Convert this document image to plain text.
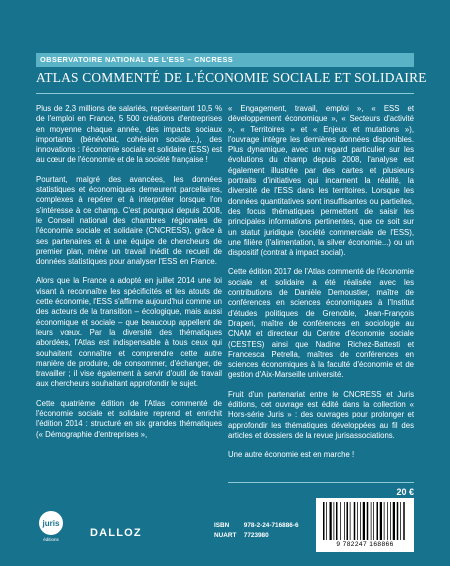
OBSERVATOIRE NATIONAL DE L'ESS – CNCRESS
ATLAS COMMENTÉ DE L'ÉCONOMIE SOCIALE ET SOLIDAIRE

Plus de 2,3 millions de salariés, représentant 10,5 % de l'emploi en France, 5 500 créations d'entreprises en moyenne chaque année, des impacts sociaux importants (bénévolat, cohésion sociale...), des innovations : l'économie sociale et solidaire (ESS) est au cœur de l'économie et de la société française !

Pourtant, malgré des avancées, les données statistiques et économiques demeurent parcellaires, complexes à repérer et à interpréter lorsque l'on s'intéresse à ce champ. C'est pourquoi depuis 2008, le Conseil national des chambres régionales de l'économie sociale et solidaire (CNCRESS), grâce à ses partenaires et à une équipe de chercheurs de premier plan, mène un travail inédit de recueil de données statistiques pour analyser l'ESS en France.

Alors que la France a adopté en juillet 2014 une loi visant à reconnaître les spécificités et les atouts de cette économie, l'ESS s'affirme aujourd'hui comme un des acteurs de la transition – écologique, mais aussi économique et sociale – que beaucoup appellent de leurs vœux. Par la diversité des thématiques abordées, l'Atlas est indispensable à tous ceux qui souhaitent connaître et comprendre cette autre manière de produire, de consommer, d'échanger, de travailler ; il vise également à servir d'outil de travail aux chercheurs souhaitant approfondir le sujet.

Cette quatrième édition de l'Atlas commenté de l'économie sociale et solidaire reprend et enrichit l'édition 2014 : structuré en six grandes thématiques (« Démographie d'entreprises »,

« Engagement, travail, emploi », « ESS et développement économique », « Secteurs d'activité », « Territoires » et « Enjeux et mutations »), l'ouvrage intègre les dernières données disponibles. Plus dynamique, avec un regard particulier sur les évolutions du champ depuis 2008, l'analyse est également illustrée par des cartes et plusieurs portraits d'initiatives qui incarnent la réalité, la diversité de l'ESS dans les territoires. Lorsque les données quantitatives sont insuffisantes ou partielles, des focus thématiques permettent de saisir les principales informations pertinentes, que ce soit sur un statut juridique (société commerciale de l'ESS), une filière (l'alimentation, la silver économie...) ou un dispositif (contrat à impact social).

Cette édition 2017 de l'Atlas commenté de l'économie sociale et solidaire a été réalisée avec les contributions de Danièle Demoustier, maître de conférences en sciences économiques à l'Institut d'études politiques de Grenoble, Jean-François Draperi, maître de conférences en sociologie au CNAM et directeur du Centre d'économie sociale (CESTES) ainsi que Nadine Richez-Battesti et Francesca Petrella, maîtres de conférences en sciences économiques à la faculté d'économie et de gestion d'Aix-Marseille université.

Fruit d'un partenariat entre le CNCRESS et Juris éditions, cet ouvrage est édité dans la collection « Hors-série Juris » : des ouvrages pour prolonger et approfondir les thématiques développées au fil des articles et dossiers de la revue jurisassociations.

Une autre économie est en marche !

20 €
juris
éditions
DALLOZ
ISBN 978-2-24-716886-6
NUART 7723980
9 782247 168866
